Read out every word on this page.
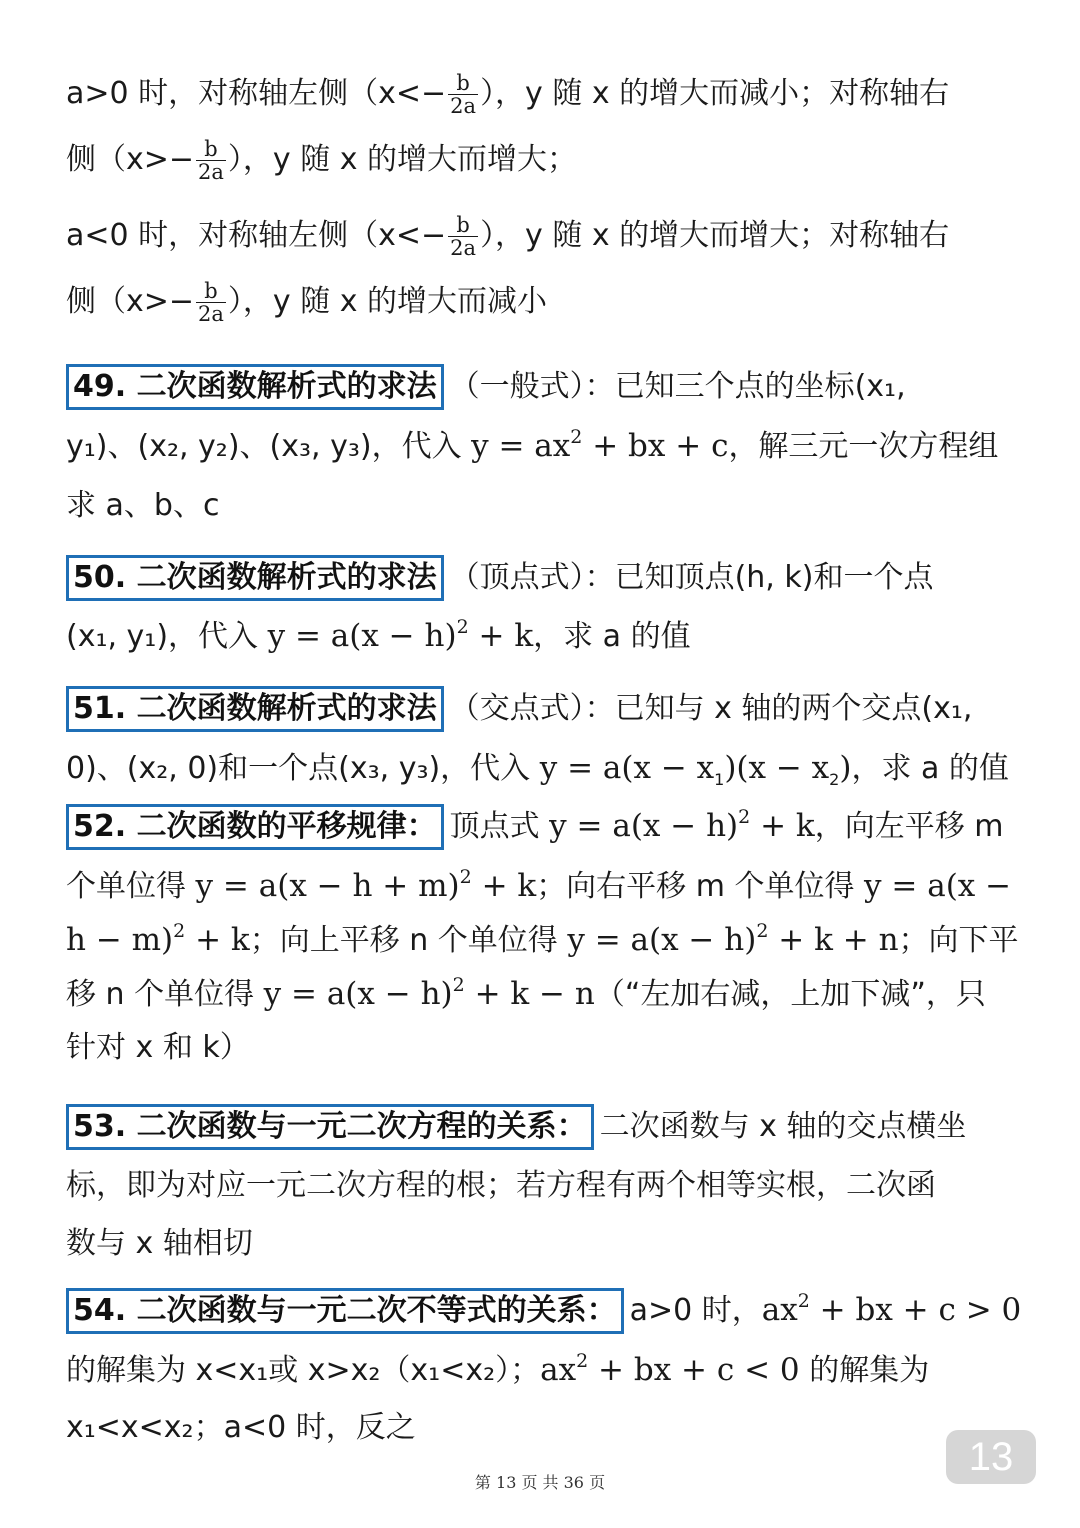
a>0 时，对称轴左侧（$x<- \frac{b}{2a}$ ），y 随 x 的增大而减小；对称轴右
侧（$x>- \frac{b}{2a}$ ），y 随 x 的增大而增大；
a<0 时，对称轴左侧（$x<- \frac{b}{2a}$ ），y 随 x 的增大而增大；对称轴右
侧（$x>- \frac{b}{2a}$ ），y 随 x 的增大而减小
49. 二次函数解析式的求法 （一般式）：已知三个点的坐标(x₁,
y₁)、(x₂, y₂)、(x₃, y₃)，代入 $y = ax^2$ + bx + c，解三元一次方程组
求 a、b、c
50. 二次函数解析式的求法 （顶点式）：已知顶点(h, k)和一个点
(x₁, y₁)，代入 $y = a(x - h)^2 + k$，求 a 的值
51. 二次函数解析式的求法 （交点式）：已知与 x 轴的两个交点(x₁,
0)、(x₂, 0)和一个点(x₃, y₃)，代入 $y = a(x - x_1)(x - x_2)$，求 a 的值
52. 二次函数的平移规律： 顶点式 $y = a(x - h)^2 + k$，向左平移 m
个单位得 $y = a(x - h + m)^2 + k$；向右平移 m 个单位得 y = a(x −
h − m)$^2$ + k；向上平移 n 个单位得 $y = a(x - h)^2 + k + n$；向下平
移 n 个单位得 $y = a(x - h)^2 + k$ − n（“左加右减，上加下减”，只
针对 x 和 k）
53. 二次函数与一元二次方程的关系： 二次函数与 x 轴的交点横坐
标，即为对应一元二次方程的根；若方程有两个相等实根，二次函
数与 x 轴相切
54. 二次函数与一元二次不等式的关系： a>0 时，$ax^2$ + bx + c > 0
的解集为 x<x₁或 x>x₂（x₁<x₂）；$ax^2$ + bx + c < 0 的解集为
x₁<x<x₂；a<0 时，反之
13
第 13 页 共 36 页
